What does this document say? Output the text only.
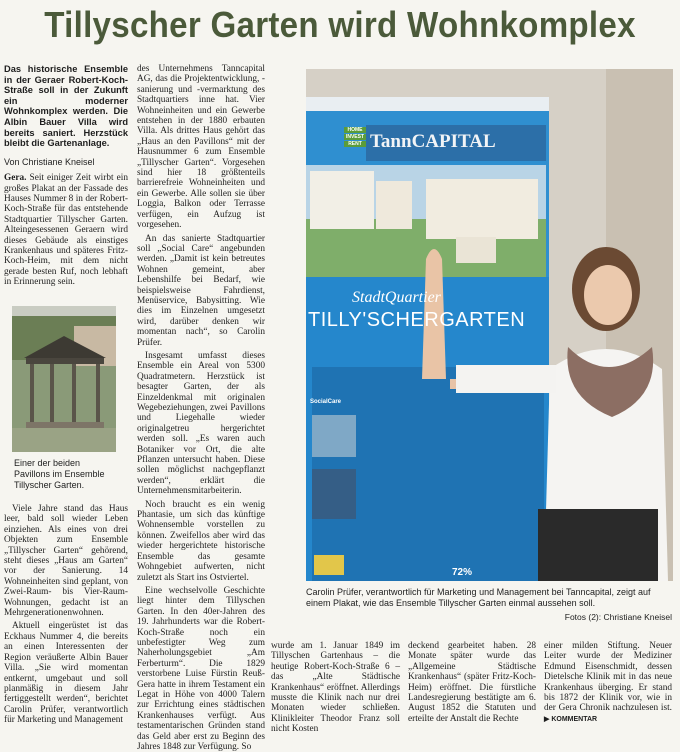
Tillyscher Garten wird Wohnkomplex
Das historische Ensemble in der Geraer Robert-Koch-Straße soll in der Zukunft ein moderner Wohnkomplex werden. Die Albin Bauer Villa wird bereits saniert. Herzstück bleibt die Gartenanlage.
Von Christiane Kneisel

Gera. Seit einiger Zeit wirbt ein großes Plakat an der Fassade des Hauses Nummer 8 in der Robert-Koch-Straße für das entstehende Stadtquartier Tillyscher Garten. Alteingesessenen Geraern wird dieses Gebäude als einstiges Krankenhaus und späteres Fritz-Koch-Heim, mit dem nicht gerade besten Ruf, noch lebhaft in Erinnerung sein.

Einer der beiden Pavillons im Ensemble Tillyscher Garten.

Viele Jahre stand das Haus leer, bald soll wieder Leben einziehen. Als eines von drei Objekten zum Ensemble „Tillyscher Garten“ gehörend, steht dieses „Haus am Garten“ vor der Sanierung. 14 Wohneinheiten sind geplant, von Zwei-Raum- bis Vier-Raum-Wohnungen, gedacht ist an Mehrgenerationenwohnen.

Aktuell eingerüstet ist das Eckhaus Nummer 4, die bereits an einen Interessenten der Region veräußerte Albin Bauer Villa. „Sie wird momentan entkernt, umgebaut und soll planmäßig in diesem Jahr fertiggestellt werden“, berichtet Carolin Prüfer, verantwortlich für Marketing und Management

des Unternehmens Tanncapital AG, das die Projektentwicklung, -sanierung und -vermarktung des Stadtquartiers inne hat. Vier Wohneinheiten und ein Gewerbe entstehen in der 1880 erbauten Villa. Als drittes Haus gehört das „Haus an den Pavillons“ mit der Hausnummer 6 zum Ensemble „Tillyscher Garten“. Vorgesehen sind hier 18 größtenteils barrierefreie Wohneinheiten und ein Gewerbe. Alle sollen sie über Loggia, Balkon oder Terrasse verfügen, ein Aufzug ist vorgesehen.

An das sanierte Stadtquartier soll „Social Care“ angebunden werden. „Damit ist kein betreutes Wohnen gemeint, aber Lebenshilfe bei Bedarf, wie beispielsweise Fahrdienst, Menüservice, Babysitting. Wie dies im Einzelnen umgesetzt wird, darüber denken wir momentan nach“, so Carolin Prüfer.

Insgesamt umfasst dieses Ensemble ein Areal von 5300 Quadratmetern. Herzstück ist besagter Garten, der als Einzeldenkmal mit originalen Wegebeziehungen, zwei Pavillons und Liegehalle wieder originalgetreu hergerichtet werden soll. „Es waren auch Botaniker vor Ort, die alte Pflanzen untersucht haben. Diese sollen möglichst nachgepflanzt werden“, erklärt die Unternehmensmitarbeiterin.

Noch braucht es ein wenig Phantasie, um sich das künftige Wohnensemble vorstellen zu können. Zweifellos aber wird das wieder hergerichtete historische Ensemble das gesamte Wohngebiet aufwerten, nicht zuletzt als Start ins Ostviertel.

Eine wechselvolle Geschichte liegt hinter dem Tillyschen Garten. In den 40er-Jahren des 19. Jahrhunderts war die Robert-Koch-Straße noch ein unbefestigter Weg zum Naherholungsgebiet „Am Ferberturm“. Die 1829 verstorbene Luise Fürstin Reuß-Gera hatte in ihrem Testament ein Legat in Höhe von 4000 Talern zur Errichtung eines städtischen Krankenhauses verfügt. Aus testamentarischen Gründen stand das Geld aber erst zu Beginn des Jahres 1848 zur Verfügung. So

HOME
INVEST
RENT TannCAPITAL
StadtQuartier
TILLY'SCHERGARTEN
SocialCare
72%
Carolin Prüfer, verantwortlich für Marketing und Management bei Tanncapital, zeigt auf einem Plakat, wie das Ensemble Tillyscher Garten einmal aussehen soll.
Fotos (2): Christiane Kneisel
wurde am 1. Januar 1849 im Tillyschen Gartenhaus – die heutige Robert-Koch-Straße 6 – das „Alte Städtische Krankenhaus“ eröffnet. Allerdings musste die Klinik nach nur drei Monaten wieder schließen. Klinikleiter Theodor Franz soll nicht Kosten
deckend gearbeitet haben. 28 Monate später wurde das „Allgemeine Städtische Krankenhaus“ (später Fritz-Koch-Heim) eröffnet. Die fürstliche Landesregierung bestätigte am 6. August 1852 die Statuten und erteilte der Anstalt die Rechte
einer milden Stiftung. Neuer Leiter wurde der Mediziner Edmund Eisenschmidt, dessen Dietelsche Klinik mit in das neue Krankenhaus überging. Er stand bis 1872 der Klinik vor, wie in der Gera Chronik nachzulesen ist. ▶ KOMMENTAR
